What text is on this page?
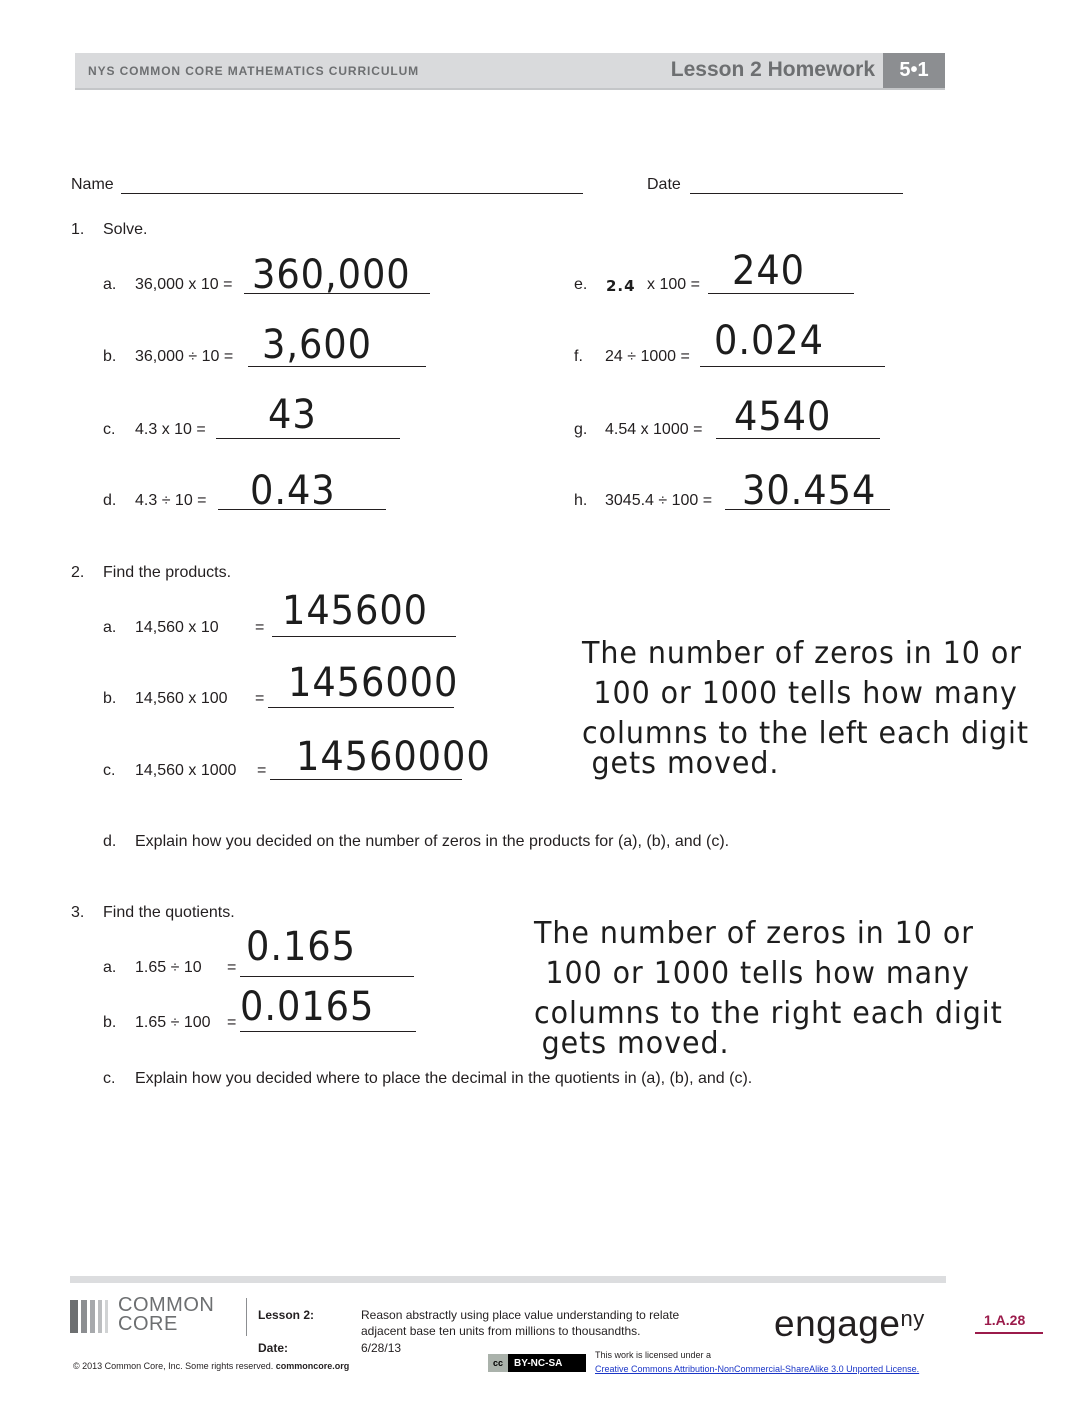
NYS COMMON CORE MATHEMATICS CURRICULUM	Lesson 2 Homework	5•1
Name	Date
1. Solve.
a. 36,000 x 10 = 360,000
b. 36,000 ÷ 10 = 3,600
c. 4.3 x 10 = 43
d. 4.3 ÷ 10 = 0.43
e. 2.4 x 100 = 240
f. 24 ÷ 1000 = 0.024
g. 4.54 x 1000 = 4540
h. 3045.4 ÷ 100 = 30.454
2. Find the products.
a. 14,560 x 10 = 145600
b. 14,560 x 100 = 1456000
c. 14,560 x 1000 = 14560000
The number of zeros in 10 or
100 or 1000 tells how many
columns to the left each digit
gets moved.
d. Explain how you decided on the number of zeros in the products for (a), (b), and (c).
3. Find the quotients.
a. 1.65 ÷ 10 = 0.165
b. 1.65 ÷ 100 = 0.0165
The number of zeros in 10 or
100 or 1000 tells how many
columns to the right each digit
gets moved.
c. Explain how you decided where to place the decimal in the quotients in (a), (b), and (c).
COMMON
CORE	Lesson 2:	Reason abstractly using place value understanding to relate
adjacent base ten units from millions to thousandths.
Date:	6/28/13
engage$^{ny}$	1.A.28
© 2013 Common Core, Inc. Some rights reserved. commoncore.org	cc	BY-NC-SA
This work is licensed under a
Creative Commons Attribution-NonCommercial-ShareAlike 3.0 Unported License.
